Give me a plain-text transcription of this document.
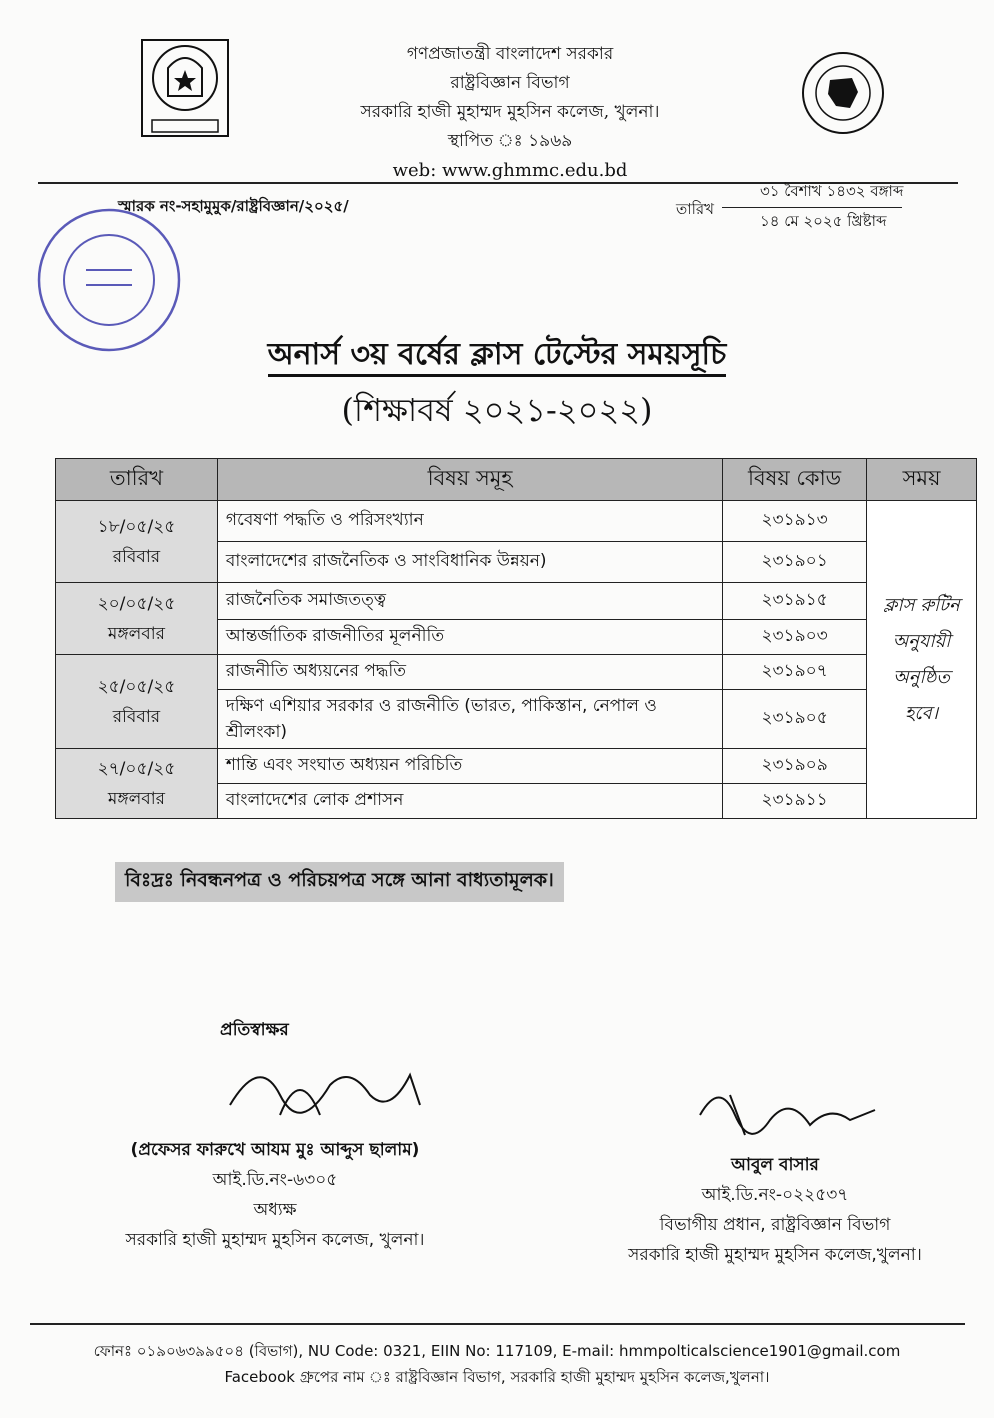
গণপ্রজাতন্ত্রী বাংলাদেশ সরকার
রাষ্ট্রবিজ্ঞান বিভাগ
সরকারি হাজী মুহাম্মদ মুহসিন কলেজ, খুলনা।
স্থাপিত ঃ ১৯৬৯
web: www.ghmmc.edu.bd
স্মারক নং-সহামুমুক/রাষ্ট্রবিজ্ঞান/২০২৫/	তারিখ
৩১ বৈশাখ ১৪৩২ বঙ্গাব্দ
১৪ মে ২০২৫ খ্রিষ্টাব্দ
অনার্স ৩য় বর্ষের ক্লাস টেস্টের সময়সূচি
(শিক্ষাবর্ষ ২০২১-২০২২)
তারিখ	বিষয় সমূহ	বিষয় কোড	সময়

১৮/০৫/২৫
রবিবার	গবেষণা পদ্ধতি ও পরিসংখ্যান	২৩১৯১৩	ক্লাস রুটিন অনুযায়ী অনুষ্ঠিত হবে।
	বাংলাদেশের রাজনৈতিক ও সাংবিধানিক উন্নয়ন)	২৩১৯০১	

২০/০৫/২৫
মঙ্গলবার	রাজনৈতিক সমাজতত্ত্ব	২৩১৯১৫	
	আন্তর্জাতিক রাজনীতির মূলনীতি	২৩১৯০৩	

২৫/০৫/২৫
রবিবার	রাজনীতি অধ্যয়নের পদ্ধতি	২৩১৯০৭	
	দক্ষিণ এশিয়ার সরকার ও রাজনীতি (ভারত, পাকিস্তান, নেপাল ও শ্রীলংকা)	২৩১৯০৫	

২৭/০৫/২৫
মঙ্গলবার	শান্তি এবং সংঘাত অধ্যয়ন পরিচিতি	২৩১৯০৯	
	বাংলাদেশের লোক প্রশাসন	২৩১৯১১	
বিঃদ্রঃ নিবন্ধনপত্র ও পরিচয়পত্র সঙ্গে আনা বাধ্যতামূলক।
প্রতিস্বাক্ষর
(প্রফেসর ফারুখে আযম মুঃ আব্দুস ছালাম)
আই.ডি.নং-৬৩০৫
অধ্যক্ষ
সরকারি হাজী মুহাম্মদ মুহসিন কলেজ, খুলনা।
আবুল বাসার
আই.ডি.নং-০২২৫৩৭
বিভাগীয় প্রধান, রাষ্ট্রবিজ্ঞান বিভাগ
সরকারি হাজী মুহাম্মদ মুহসিন কলেজ,খুলনা।
ফোনঃ ০১৯০৬৩৯৯৫০৪ (বিভাগ), NU Code: 0321, EIIN No: 117109, E-mail: hmmpolticalscience1901@gmail.com
Facebook গ্রুপের নাম ঃ রাষ্ট্রবিজ্ঞান বিভাগ, সরকারি হাজী মুহাম্মদ মুহসিন কলেজ,খুলনা।
